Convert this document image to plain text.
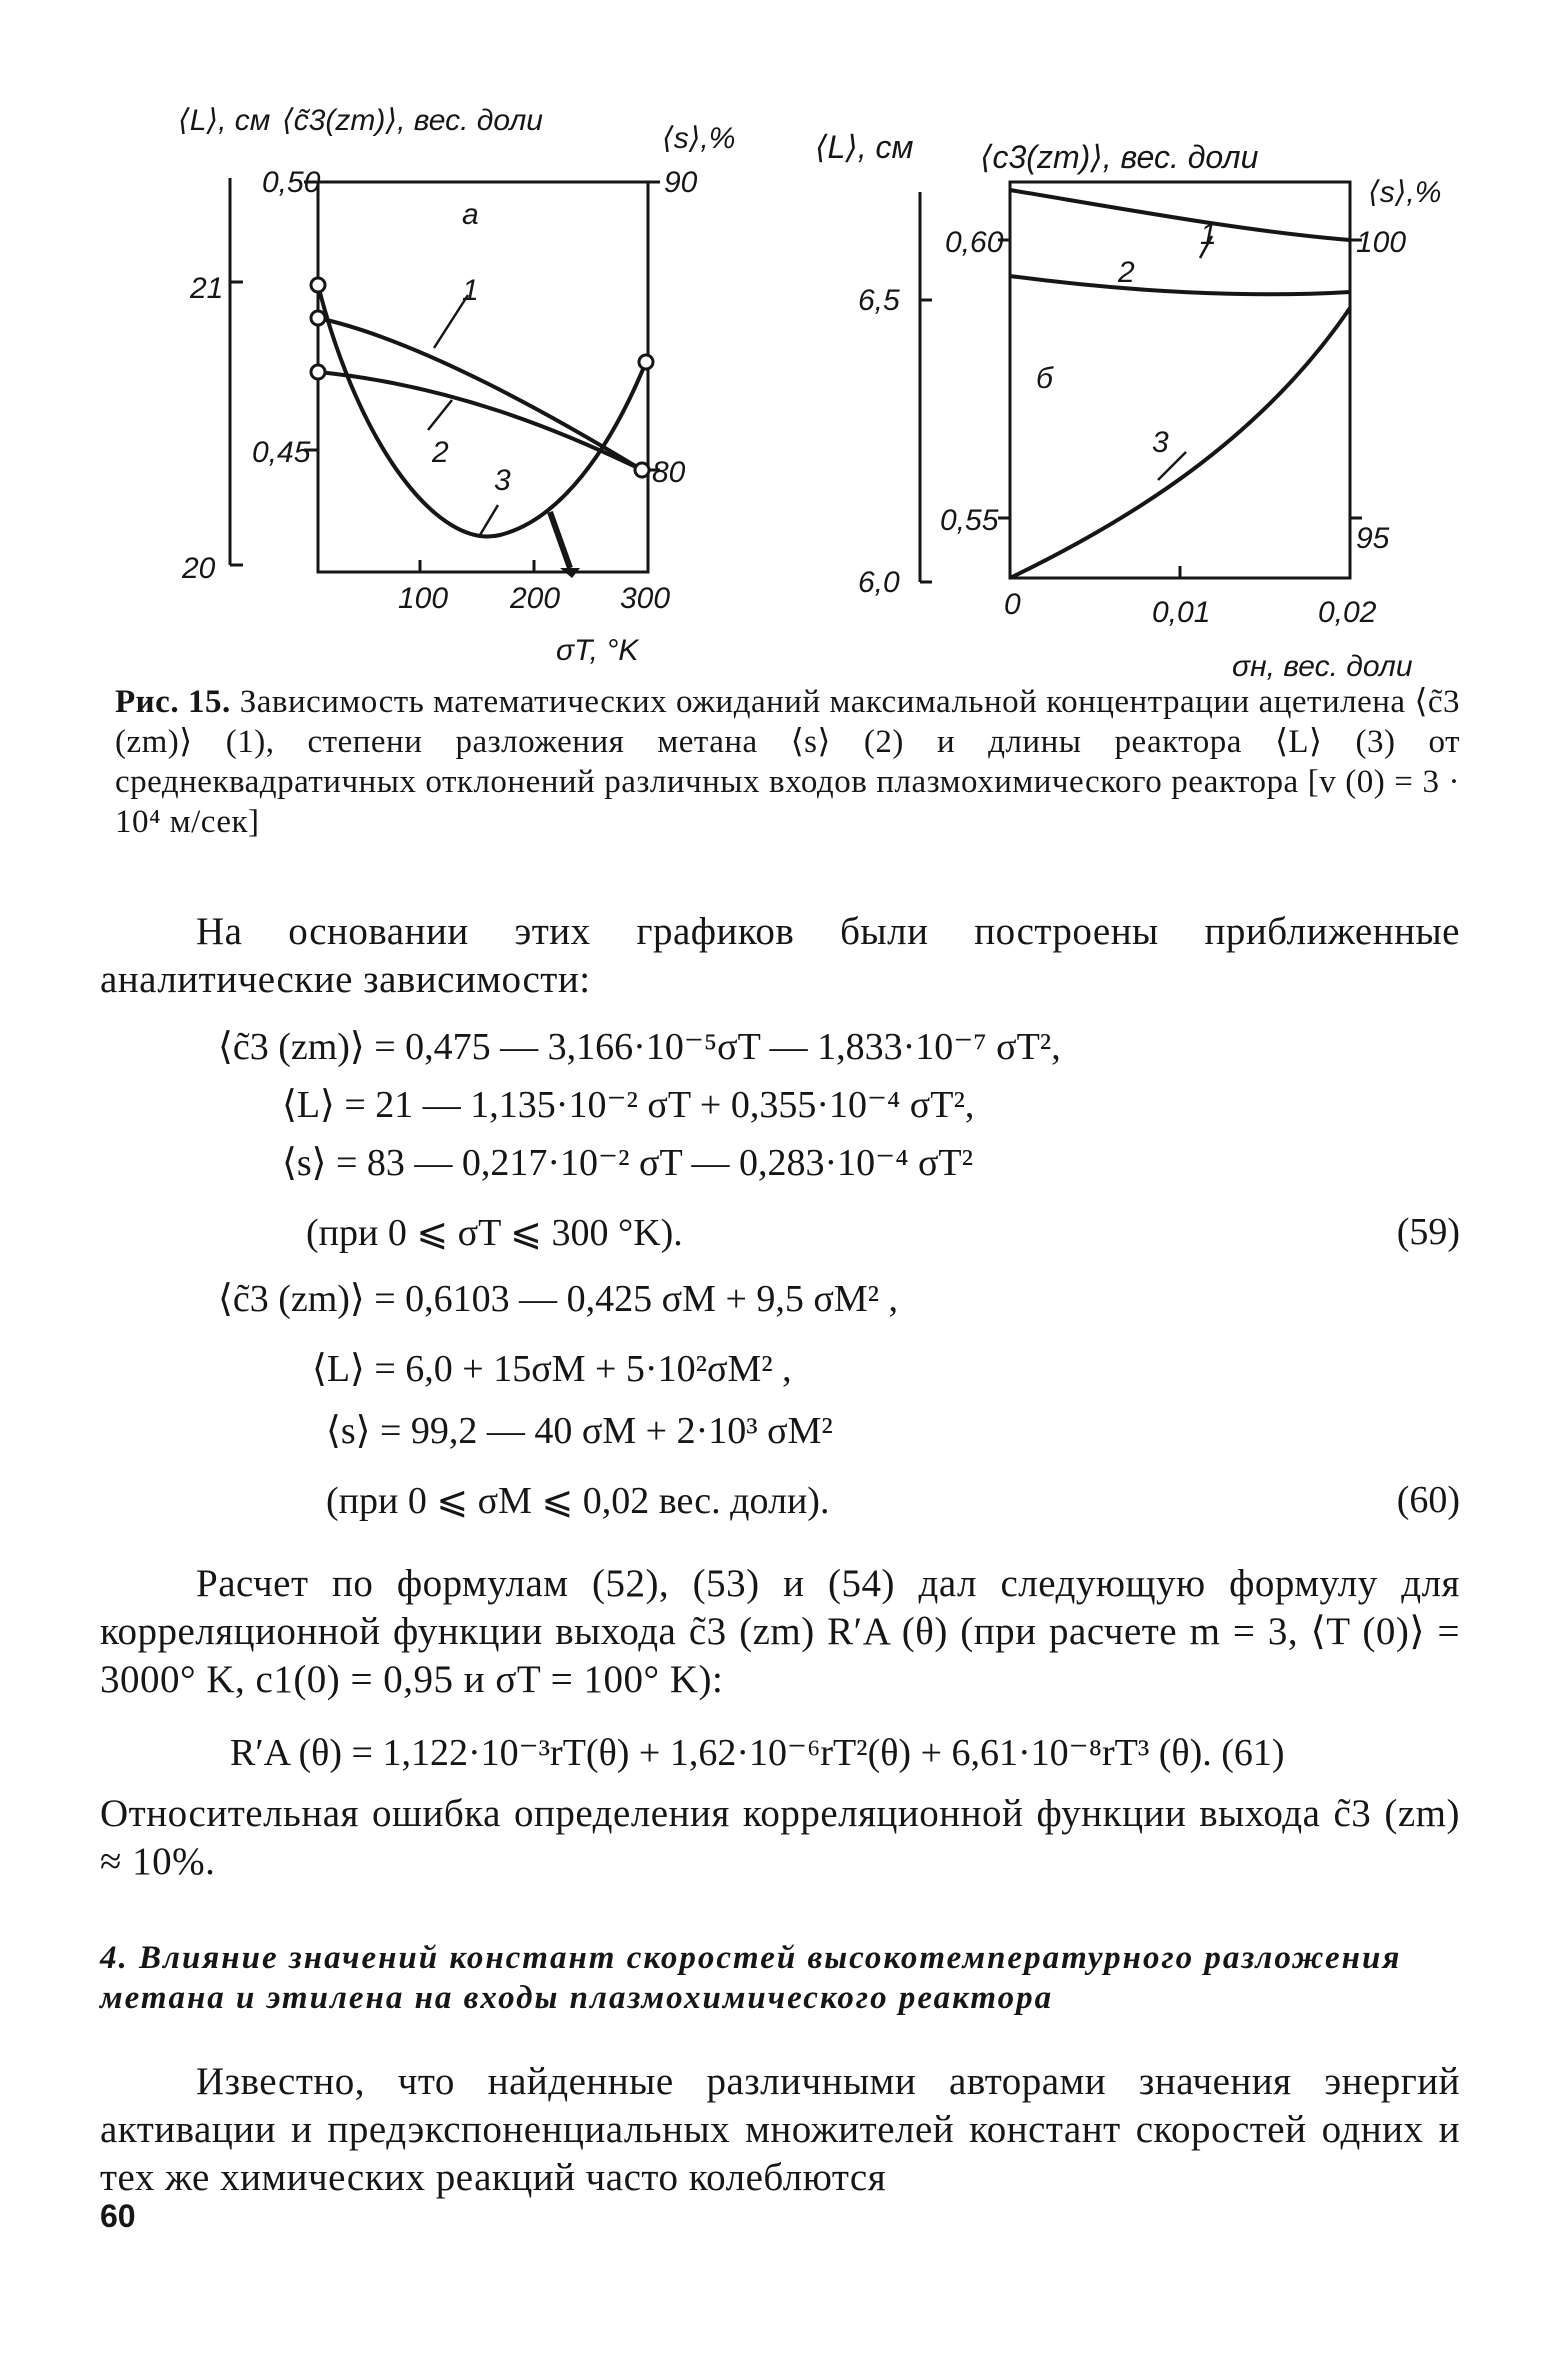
⟨L⟩, см ⟨c̃3(zm)⟩, вес. доли
⟨s⟩,%
21
20
0,50
0,45
90
80
100 200 300
σT, °K
а
1
2
3
⟨L⟩, см ⟨c3(zm)⟩, вес. доли
⟨s⟩,%
6,5
6,0
0,60
0,55
100
95
0	0,01	0,02
σн, вес. доли
б
1
2
3
Рис. 15. Зависимость математических ожиданий максимальной концентрации ацетилена ⟨c̃3 (zm)⟩ (1), степени разложения метана ⟨s⟩ (2) и длины реактора ⟨L⟩ (3) от среднеквадратичных отклонений различных входов плазмохимического реактора [v (0) = 3 · 10⁴ м/сек]
На основании этих графиков были построены приближенные аналитические зависимости:
⟨c̃3 (zm)⟩ = 0,475 — 3,166·10⁻⁵σT — 1,833·10⁻⁷ σT²,
⟨L⟩ = 21 — 1,135·10⁻² σT + 0,355·10⁻⁴ σT²,
⟨s⟩ = 83 — 0,217·10⁻² σT — 0,283·10⁻⁴ σT²
(при 0 ⩽ σT ⩽ 300 °K).	(59)
⟨c̃3 (zm)⟩ = 0,6103 — 0,425 σM + 9,5 σM² ,
⟨L⟩ = 6,0 + 15σM + 5·10²σM² ,
⟨s⟩ = 99,2 — 40 σM + 2·10³ σM²
(при 0 ⩽ σM ⩽ 0,02 вес. доли).	(60)
Расчет по формулам (52), (53) и (54) дал следующую формулу для корреляционной функции выхода c̃3 (zm) R′A (θ) (при расчете m = 3, ⟨T (0)⟩ = 3000° K, c1(0) = 0,95 и σT = 100° K):
R′A (θ) = 1,122·10⁻³rT(θ) + 1,62·10⁻⁶rT²(θ) + 6,61·10⁻⁸rT³ (θ). (61)
Относительная ошибка определения корреляционной функции выхода c̃3 (zm) ≈ 10%.
4. Влияние значений констант скоростей высокотемпературного разложения метана и этилена на входы плазмохимического реактора
Известно, что найденные различными авторами значения энергий активации и предэкспоненциальных множителей констант скоростей одних и тех же химических реакций часто колеблются
60
